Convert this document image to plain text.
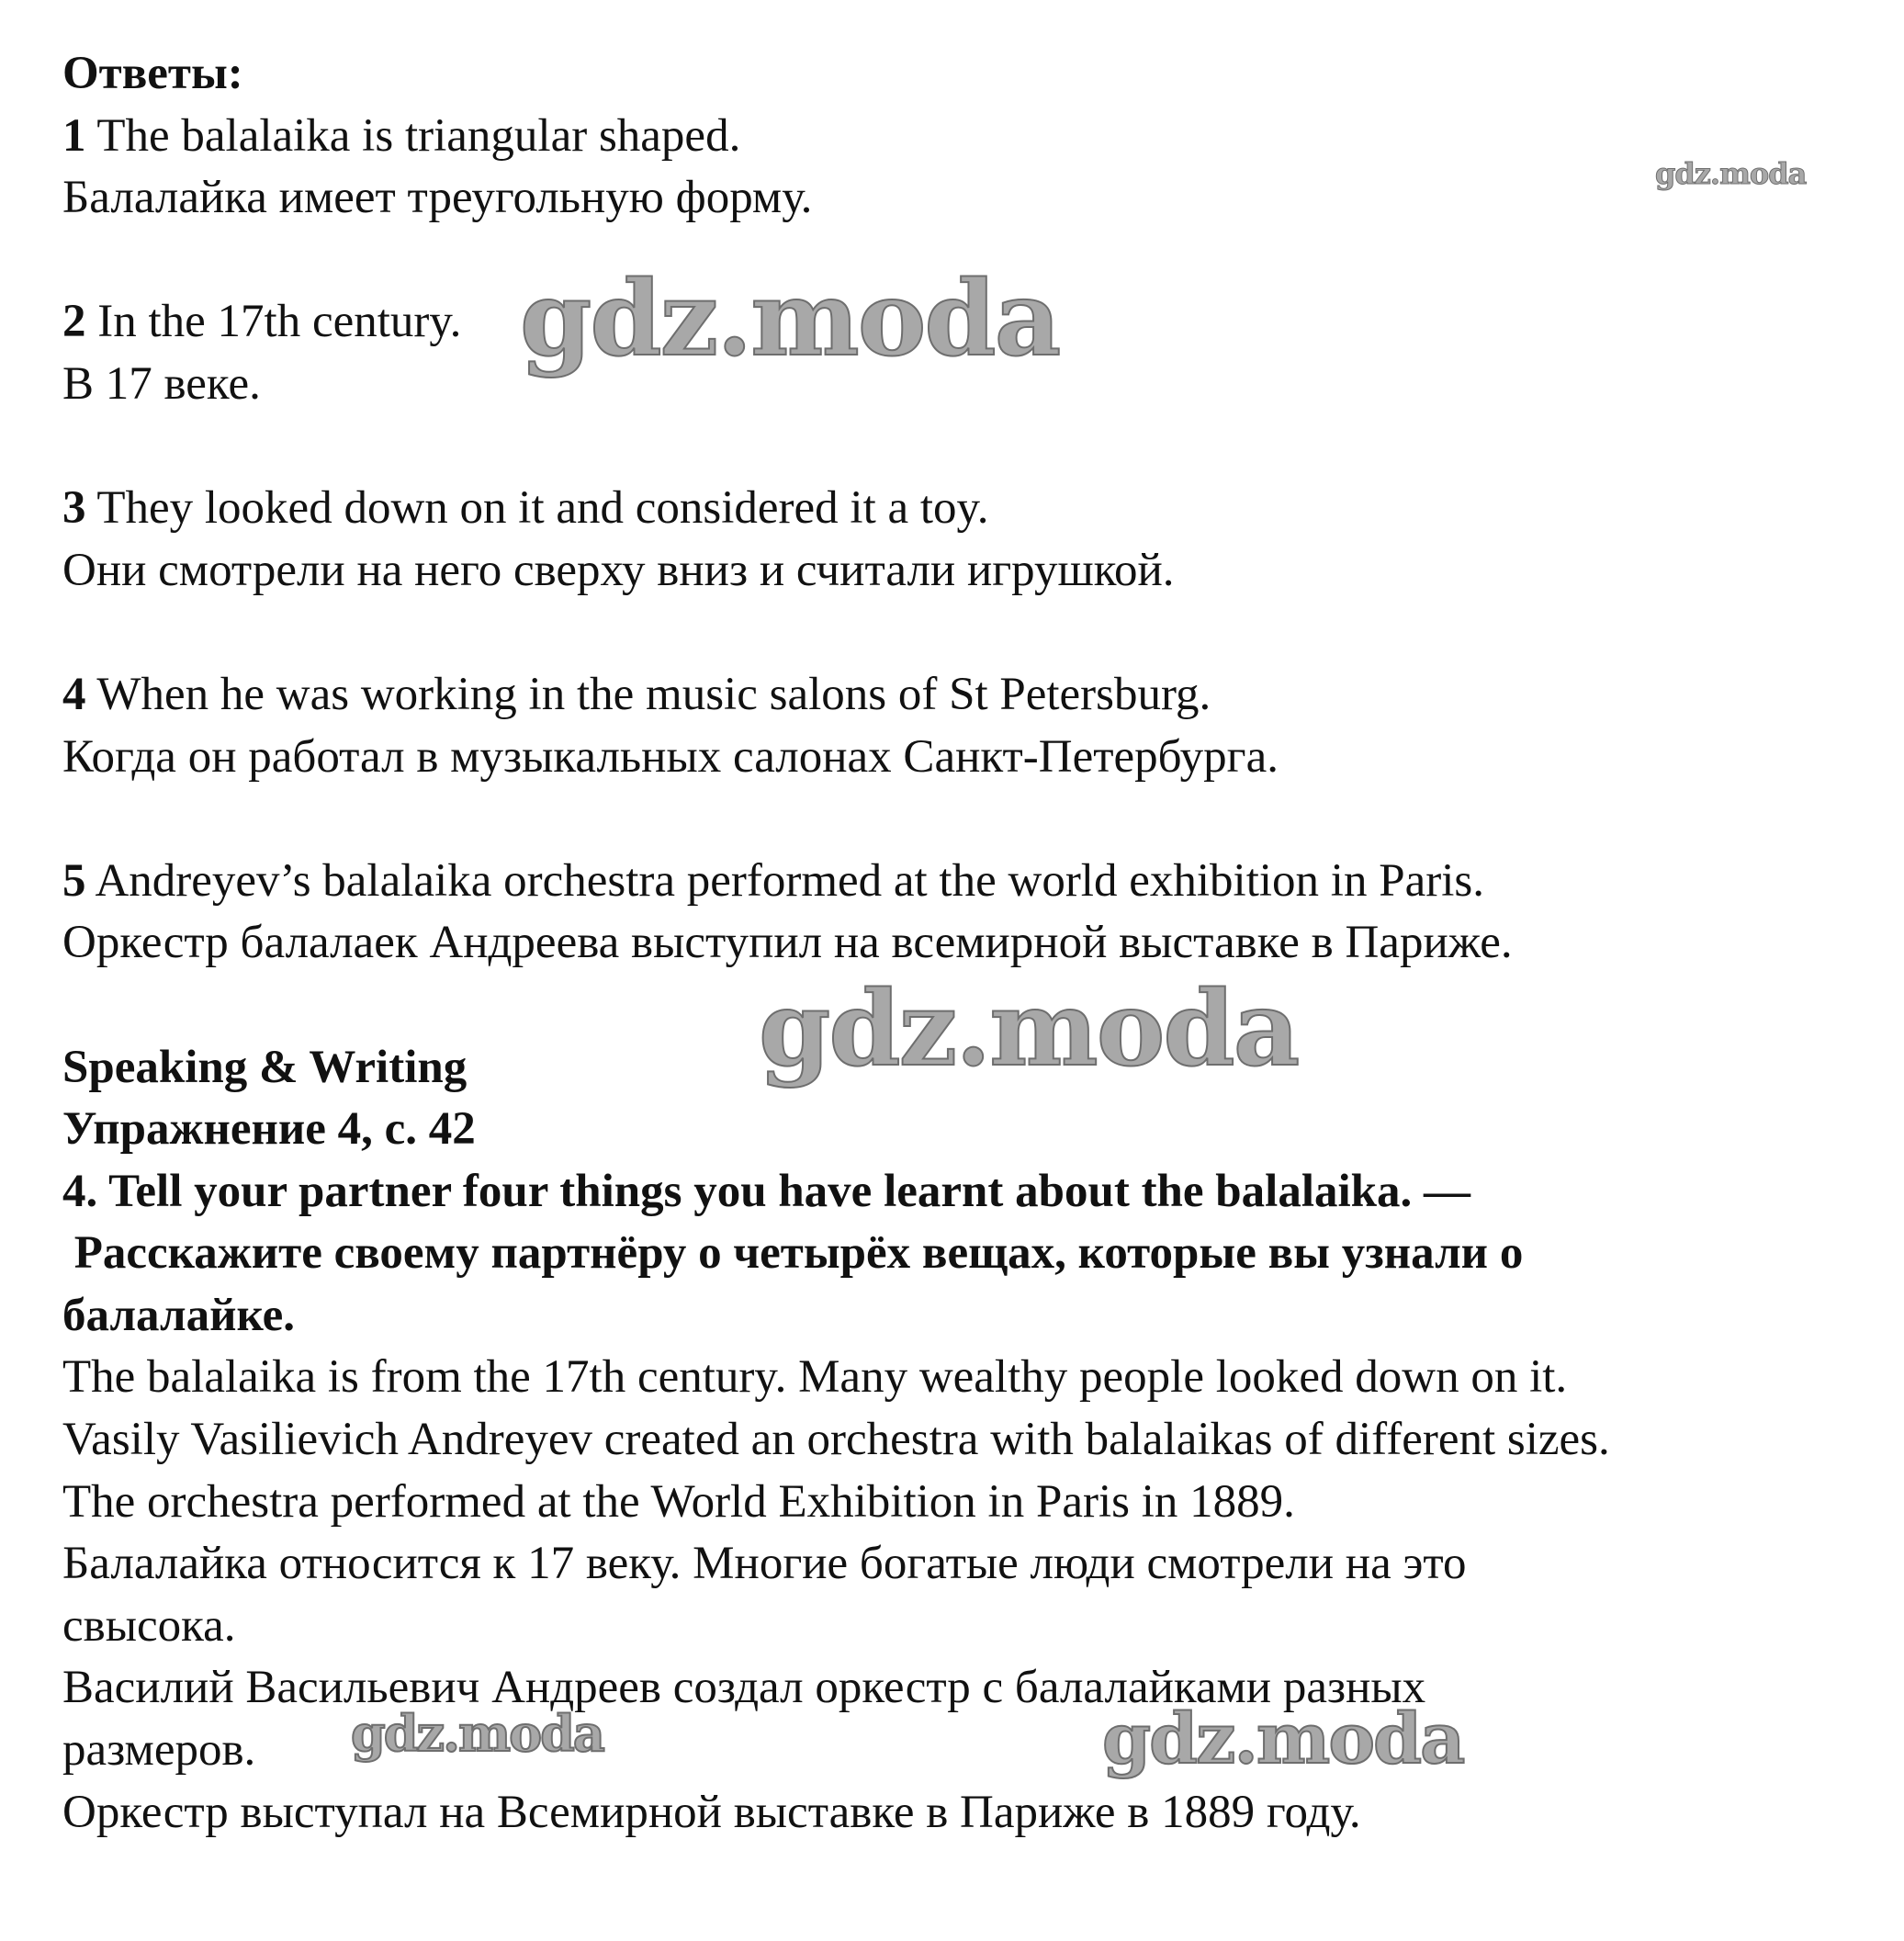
Ответы:
1 The balalaika is triangular shaped.
Балалайка имеет треугольную форму.
2 In the 17th century.
В 17 веке.
3 They looked down on it and considered it a toy.
Они смотрели на него сверху вниз и считали игрушкой.
4 When he was working in the music salons of St Petersburg.
Когда он работал в музыкальных салонах Санкт-Петербурга.
5 Andreyev’s balalaika orchestra performed at the world exhibition in Paris.
Оркестр балалаек Андреева выступил на всемирной выставке в Париже.
Speaking & Writing
Упражнение 4, с. 42
4. Tell your partner four things you have learnt about the balalaika. —
Расскажите своему партнёру о четырёх вещах, которые вы узнали о
балалайке.
The balalaika is from the 17th century. Many wealthy people looked down on it.
Vasily Vasilievich Andreyev created an orchestra with balalaikas of different sizes.
The orchestra performed at the World Exhibition in Paris in 1889.
Балалайка относится к 17 веку. Многие богатые люди смотрели на это
свысока.
Василий Васильевич Андреев создал оркестр с балалайками разных
размеров.
Оркестр выступал на Всемирной выставке в Париже в 1889 году.
gdz.moda
gdz.moda
gdz.moda
gdz.moda	gdz.moda
